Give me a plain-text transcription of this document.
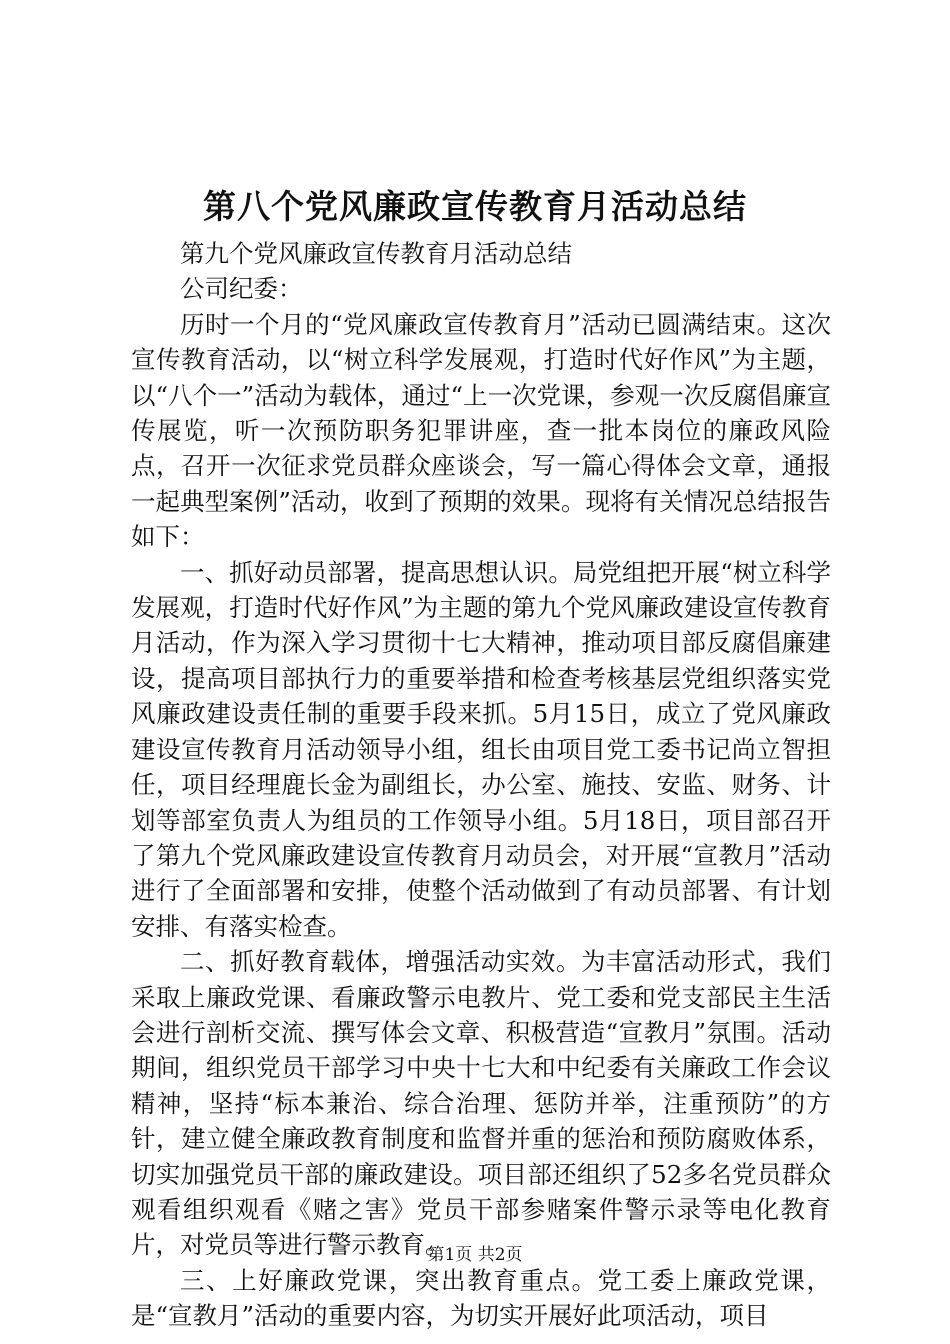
第八个党风廉政宣传教育月活动总结

第九个党风廉政宣传教育月活动总结

公司纪委：

历时一个月的“党风廉政宣传教育月”活动已圆满结束。这次宣传教育活动，以“树立科学发展观，打造时代好作风”为主题，以“八个一”活动为载体，通过“上一次党课，参观一次反腐倡廉宣传展览，听一次预防职务犯罪讲座，查一批本岗位的廉政风险点，召开一次征求党员群众座谈会，写一篇心得体会文章，通报一起典型案例”活动，收到了预期的效果。现将有关情况总结报告如下：

一、抓好动员部署，提高思想认识。局党组把开展“树立科学发展观，打造时代好作风”为主题的第九个党风廉政建设宣传教育月活动，作为深入学习贯彻十七大精神，推动项目部反腐倡廉建设，提高项目部执行力的重要举措和检查考核基层党组织落实党风廉政建设责任制的重要手段来抓。5月15日，成立了党风廉政建设宣传教育月活动领导小组，组长由项目党工委书记尚立智担任，项目经理鹿长金为副组长，办公室、施技、安监、财务、计划等部室负责人为组员的工作领导小组。5月18日，项目部召开了第九个党风廉政建设宣传教育月动员会，对开展“宣教月”活动进行了全面部署和安排，使整个活动做到了有动员部署、有计划安排、有落实检查。

二、抓好教育载体，增强活动实效。为丰富活动形式，我们采取上廉政党课、看廉政警示电教片、党工委和党支部民主生活会进行剖析交流、撰写体会文章、积极营造“宣教月”氛围。活动期间，组织党员干部学习中央十七大和中纪委有关廉政工作会议精神，坚持“标本兼治、综合治理、惩防并举，注重预防”的方针，建立健全廉政教育制度和监督并重的惩治和预防腐败体系，切实加强党员干部的廉政建设。项目部还组织了52多名党员群众观看组织观看《赌之害》党员干部参赌案件警示录等电化教育片，对党员等进行警示教育。

三、上好廉政党课，突出教育重点。党工委上廉政党课，是“宣教月”活动的重要内容，为切实开展好此项活动，项目

第1页 共2页
